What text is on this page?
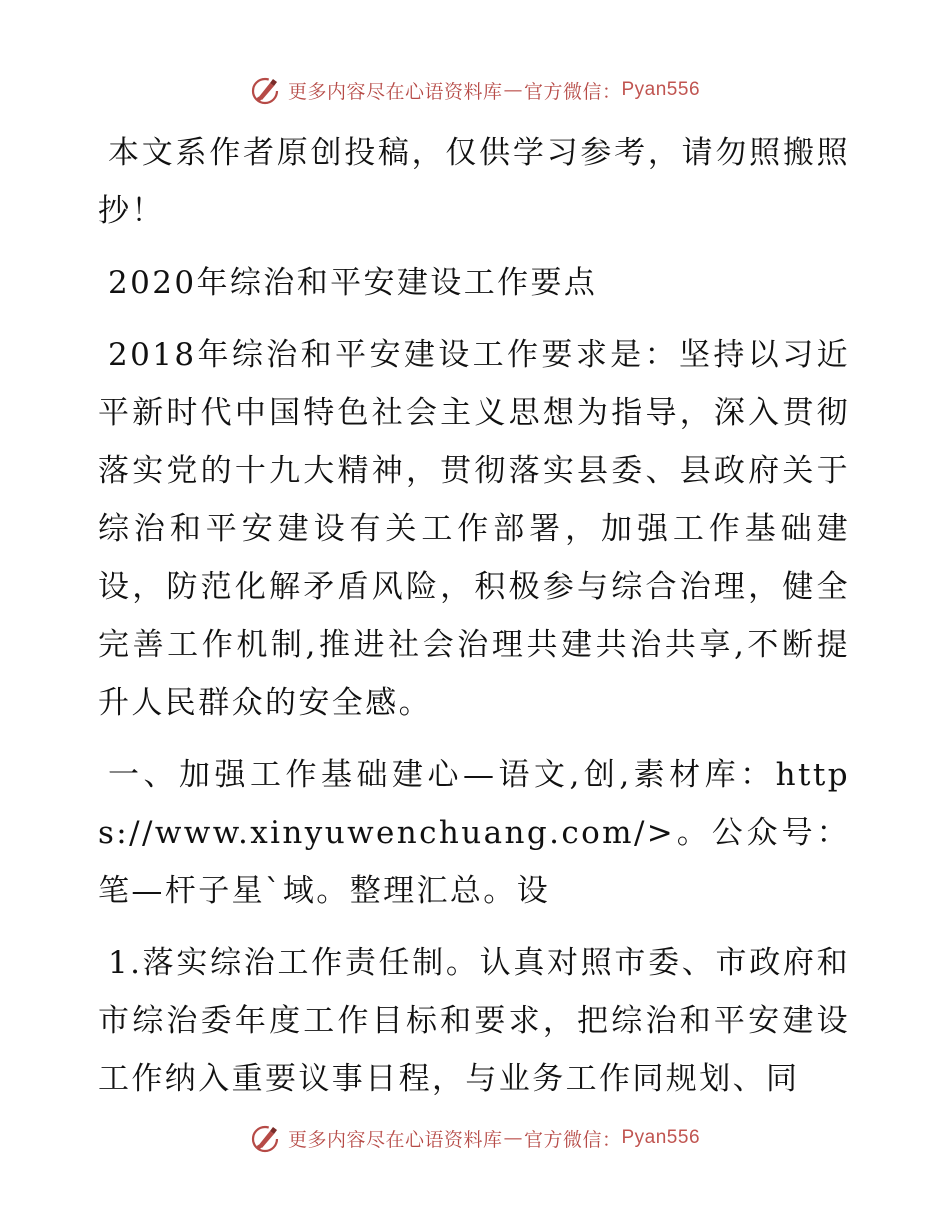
更多内容尽在心语资料库 — 官方微信： Pyan556

本文系作者原创投稿，仅供学习参考，请勿照搬照抄！

2020年综治和平安建设工作要点

2018年综治和平安建设工作要求是：坚持以习近平新时代中国特色社会主义思想为指导，深入贯彻落实党的十九大精神，贯彻落实县委、县政府关于综治和平安建设有关工作部署，加强工作基础建设，防范化解矛盾风险，积极参与综合治理，健全完善工作机制,推进社会治理共建共治共享,不断提升人民群众的安全感。

一、加强工作基础建心—语文,创,素材库：https://www.xinyuwenchuang.com/>。公众号：笔—杆子星`域。整理汇总。设

1.落实综治工作责任制。认真对照市委、市政府和市综治委年度工作目标和要求，把综治和平安建设工作纳入重要议事日程，与业务工作同规划、同

更多内容尽在心语资料库 — 官方微信： Pyan556
